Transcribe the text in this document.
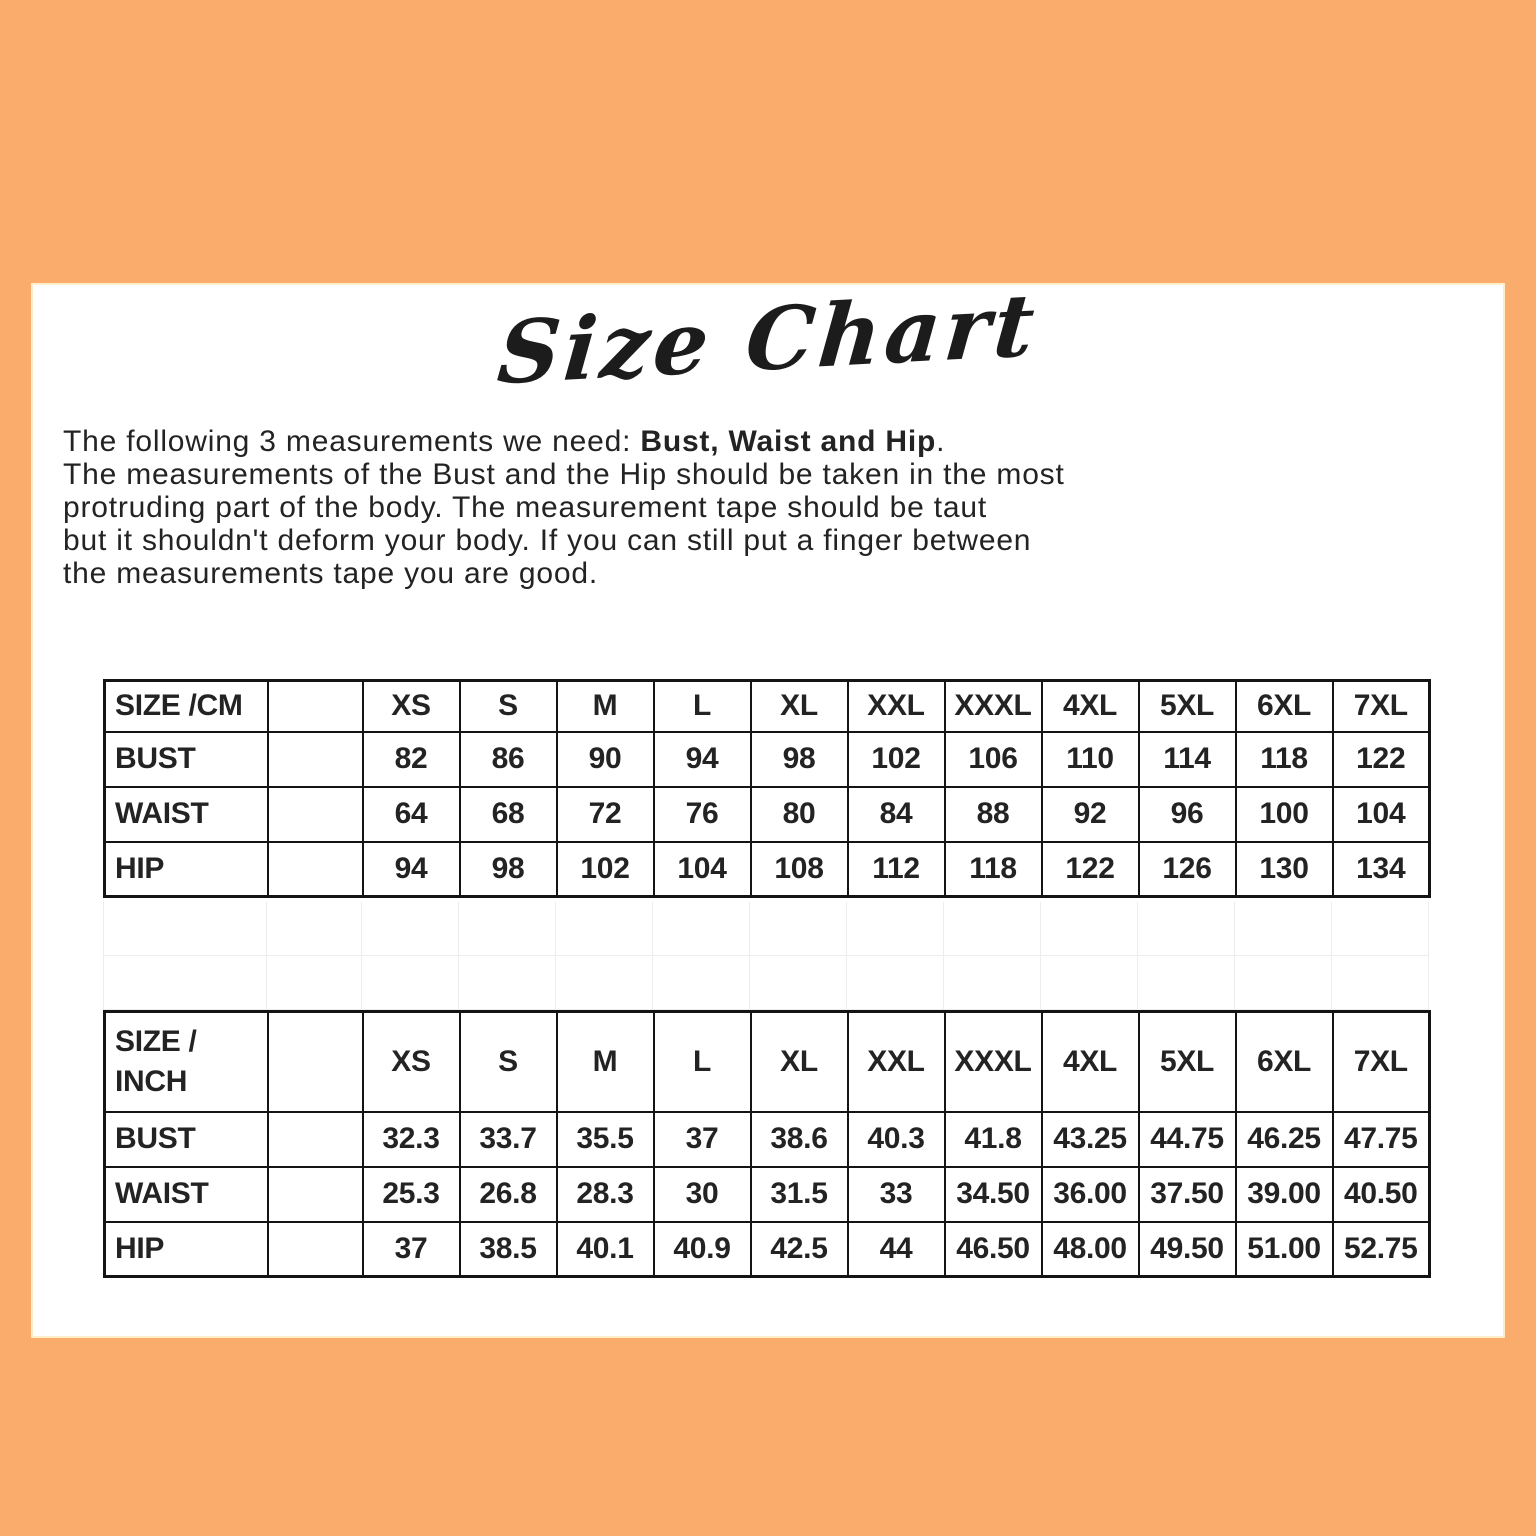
Size Chart

The following 3 measurements we need: Bust, Waist and Hip.

The measurements of the Bust and the Hip should be taken in the most

protruding part of the body. The measurement tape should be taut

but it shouldn't deform your body. If you can still put a finger between

the measurements tape you are good.

SIZE /CM		XS	S	M	L	XL	XXL	XXXL	4XL	5XL	6XL	7XL
BUST		82	86	90	94	98	102	106	110	114	118	122
WAIST		64	68	72	76	80	84	88	92	96	100	104
HIP		94	98	102	104	108	112	118	122	126	130	134
SIZE /
INCH		XS	S	M	L	XL	XXL	XXXL	4XL	5XL	6XL	7XL
BUST		32.3	33.7	35.5	37	38.6	40.3	41.8	43.25	44.75	46.25	47.75
WAIST		25.3	26.8	28.3	30	31.5	33	34.50	36.00	37.50	39.00	40.50
HIP		37	38.5	40.1	40.9	42.5	44	46.50	48.00	49.50	51.00	52.75
